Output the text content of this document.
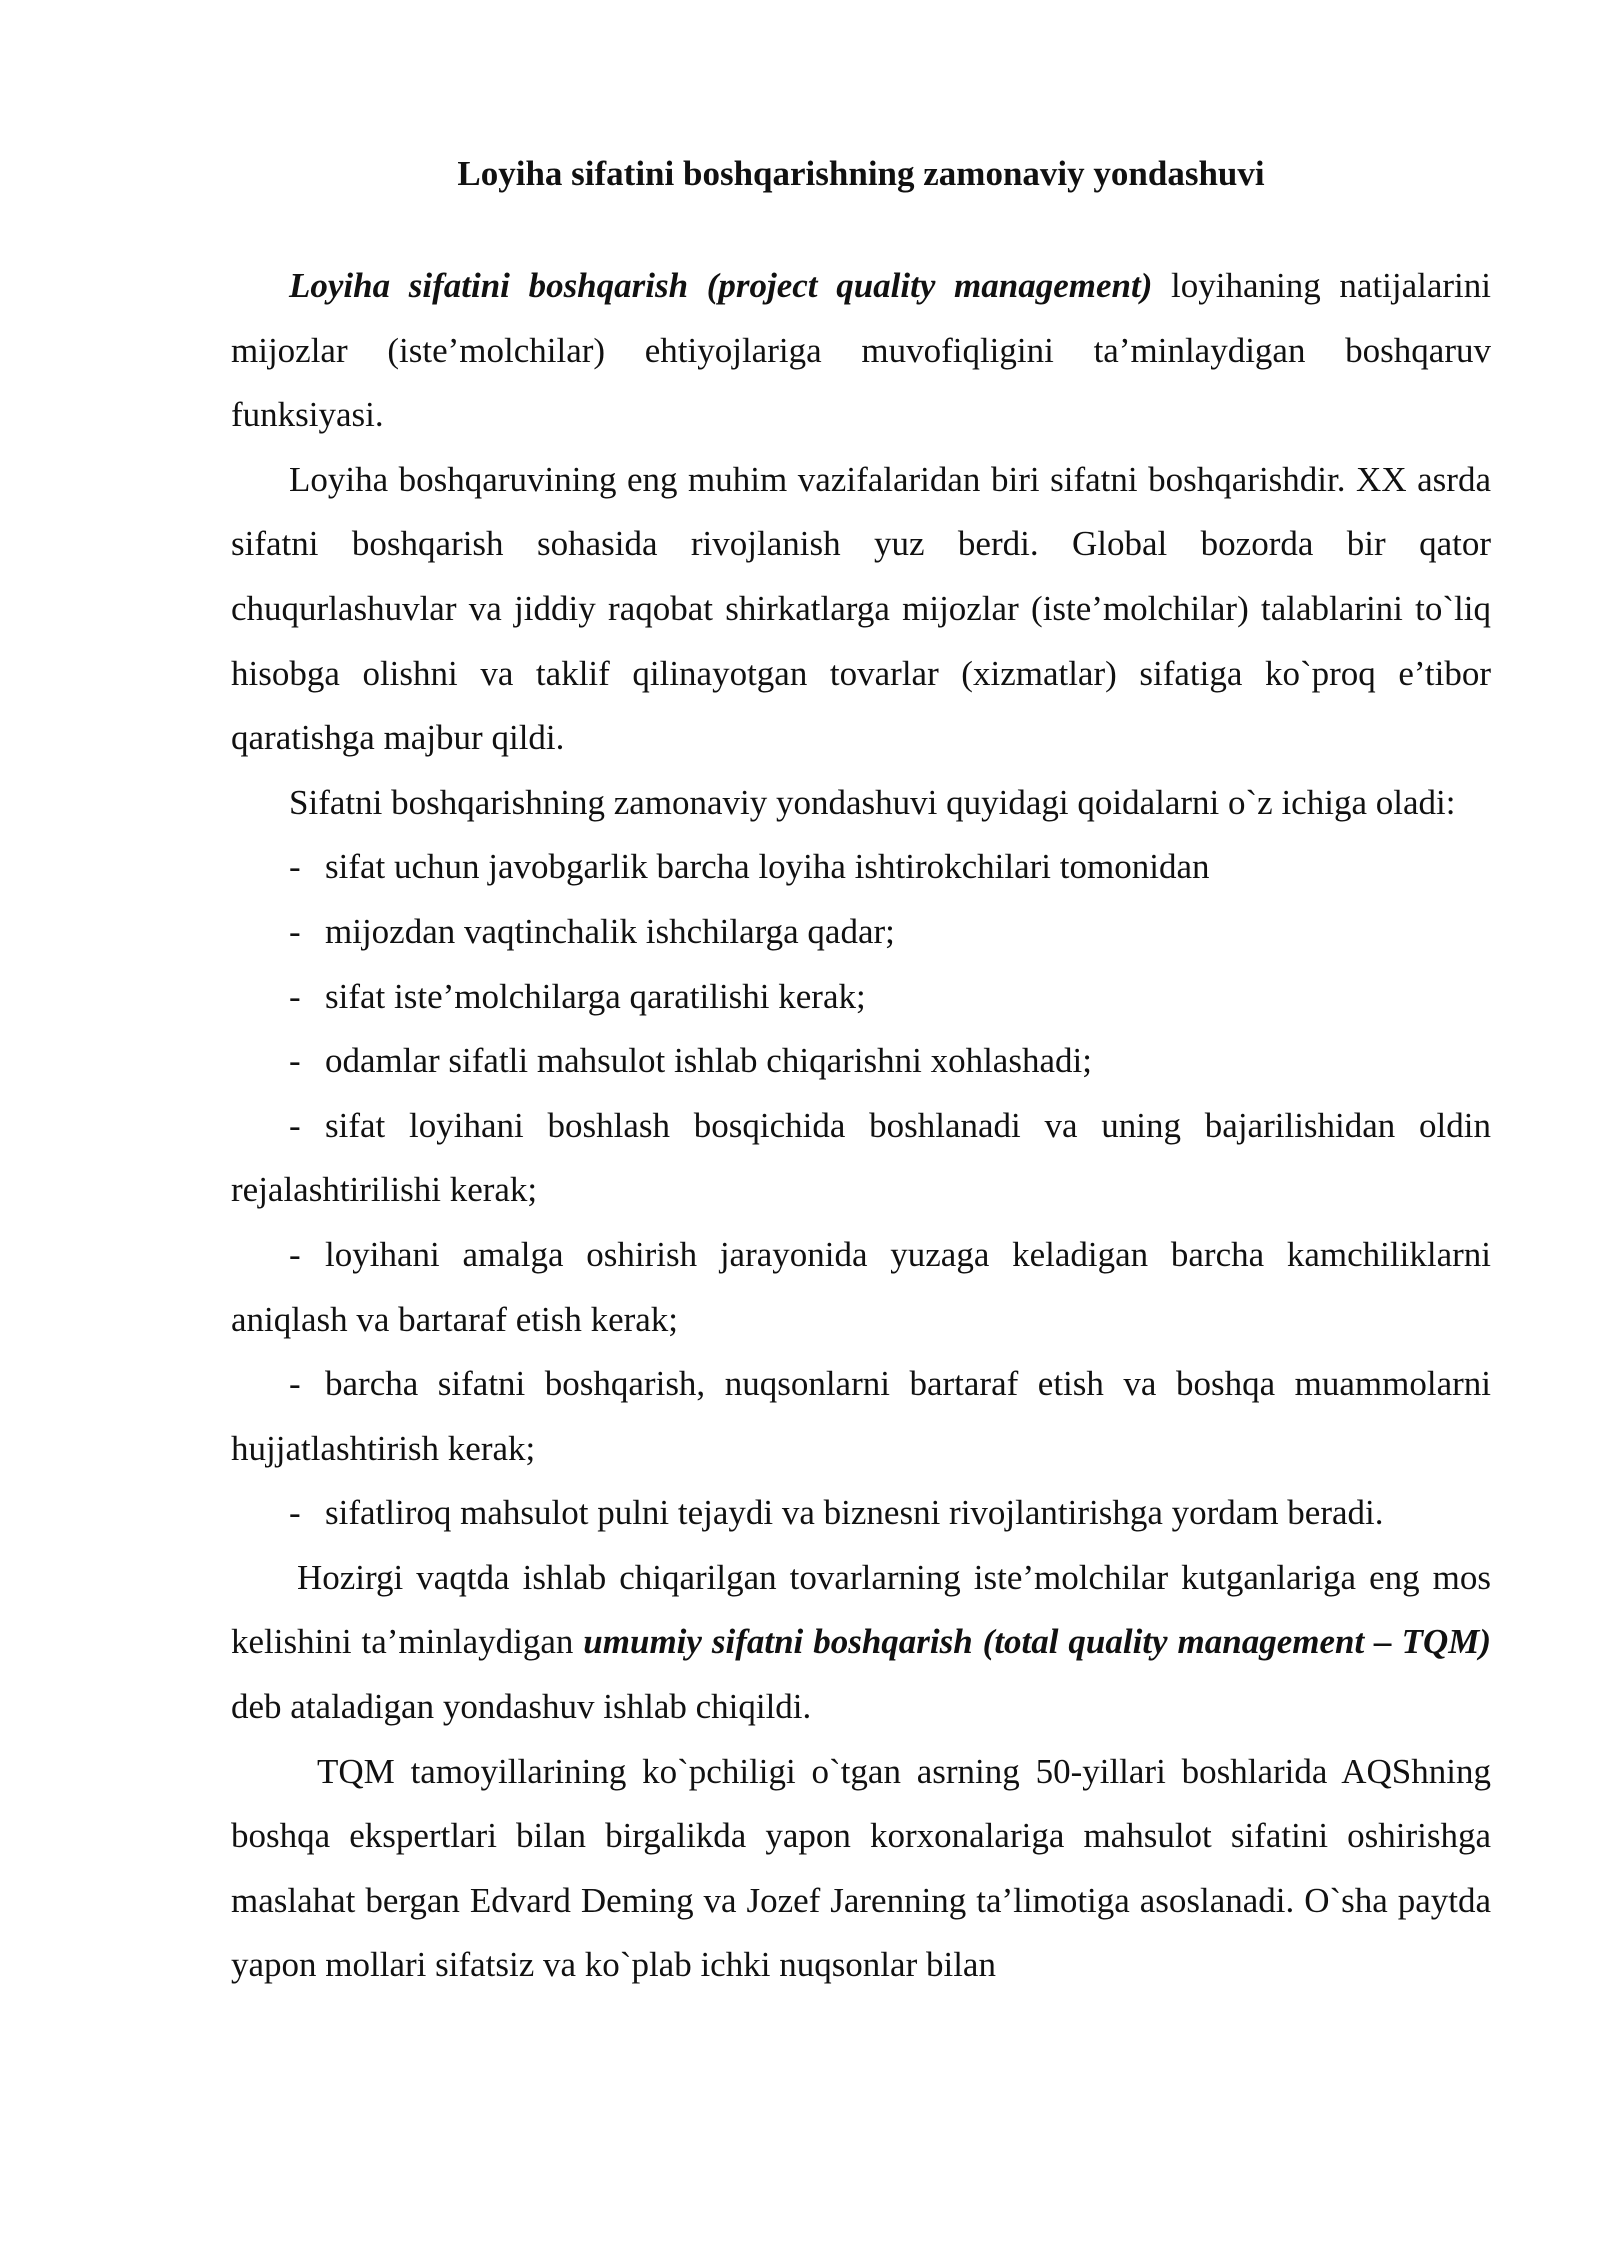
Loyiha sifatini boshqarishning zamonaviy yondashuvi

Loyiha sifatini boshqarish (project quality management) loyihaning natijalarini mijozlar (iste’molchilar) ehtiyojlariga muvofiqligini ta’minlaydigan boshqaruv funksiyasi.

Loyiha boshqaruvining eng muhim vazifalaridan biri sifatni boshqarishdir. XX asrda sifatni boshqarish sohasida rivojlanish yuz berdi. Global bozorda bir qator chuqurlashuvlar va jiddiy raqobat shirkatlarga mijozlar (iste’molchilar) talablarini to`liq hisobga olishni va taklif qilinayotgan tovarlar (xizmatlar) sifatiga ko`proq e’tibor qaratishga majbur qildi.

Sifatni boshqarishning zamonaviy yondashuvi quyidagi qoidalarni o`z ichiga oladi:

- sifat uchun javobgarlik barcha loyiha ishtirokchilari tomonidan

- mijozdan vaqtinchalik ishchilarga qadar;

- sifat iste’molchilarga qaratilishi kerak;

- odamlar sifatli mahsulot ishlab chiqarishni xohlashadi;

- sifat loyihani boshlash bosqichida boshlanadi va uning bajarilishidan oldin rejalashtirilishi kerak;

- loyihani amalga oshirish jarayonida yuzaga keladigan barcha kamchiliklarni aniqlash va bartaraf etish kerak;

- barcha sifatni boshqarish, nuqsonlarni bartaraf etish va boshqa muammolarni hujjatlashtirish kerak;

- sifatliroq mahsulot pulni tejaydi va biznesni rivojlantirishga yordam beradi.

Hozirgi vaqtda ishlab chiqarilgan tovarlarning iste’molchilar kutganlariga eng mos kelishini ta’minlaydigan umumiy sifatni boshqarish (total quality management – TQM) deb ataladigan yondashuv ishlab chiqildi.

TQM tamoyillarining ko`pchiligi o`tgan asrning 50-yillari boshlarida AQShning boshqa ekspertlari bilan birgalikda yapon korxonalariga mahsulot sifatini oshirishga maslahat bergan Edvard Deming va Jozef Jarenning ta’limotiga asoslanadi. O`sha paytda yapon mollari sifatsiz va ko`plab ichki nuqsonlar bilan
